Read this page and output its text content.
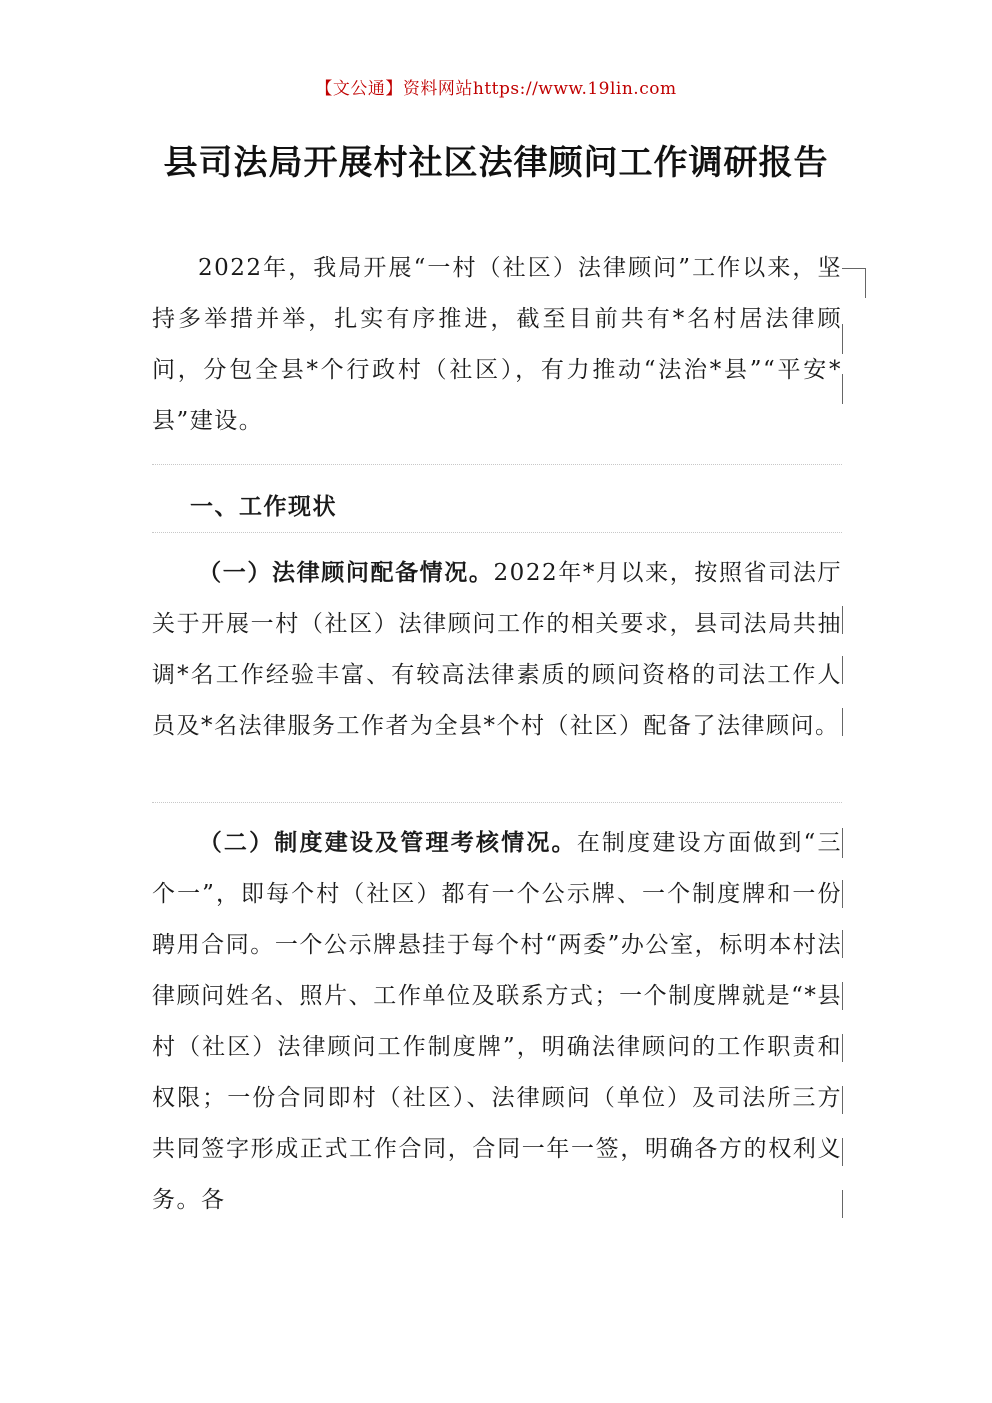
【文公通】资料网站https://www.19lin.com
县司法局开展村社区法律顾问工作调研报告

2022年，我局开展“一村（社区）法律顾问”工作以来，坚持多举措并举，扎实有序推进，截至目前共有*名村居法律顾问，分包全县*个行政村（社区），有力推动“法治*县”“平安*县”建设。

一、工作现状

（一）法律顾问配备情况。2022年*月以来，按照省司法厅关于开展一村（社区）法律顾问工作的相关要求，县司法局共抽调*名工作经验丰富、有较高法律素质的顾问资格的司法工作人员及*名法律服务工作者为全县*个村（社区）配备了法律顾问。

（二）制度建设及管理考核情况。在制度建设方面做到“三个一”，即每个村（社区）都有一个公示牌、一个制度牌和一份聘用合同。一个公示牌悬挂于每个村“两委”办公室，标明本村法律顾问姓名、照片、工作单位及联系方式；一个制度牌就是“*县村（社区）法律顾问工作制度牌”，明确法律顾问的工作职责和权限；一份合同即村（社区）、法律顾问（单位）及司法所三方共同签字形成正式工作合同，合同一年一签，明确各方的权利义务。各
